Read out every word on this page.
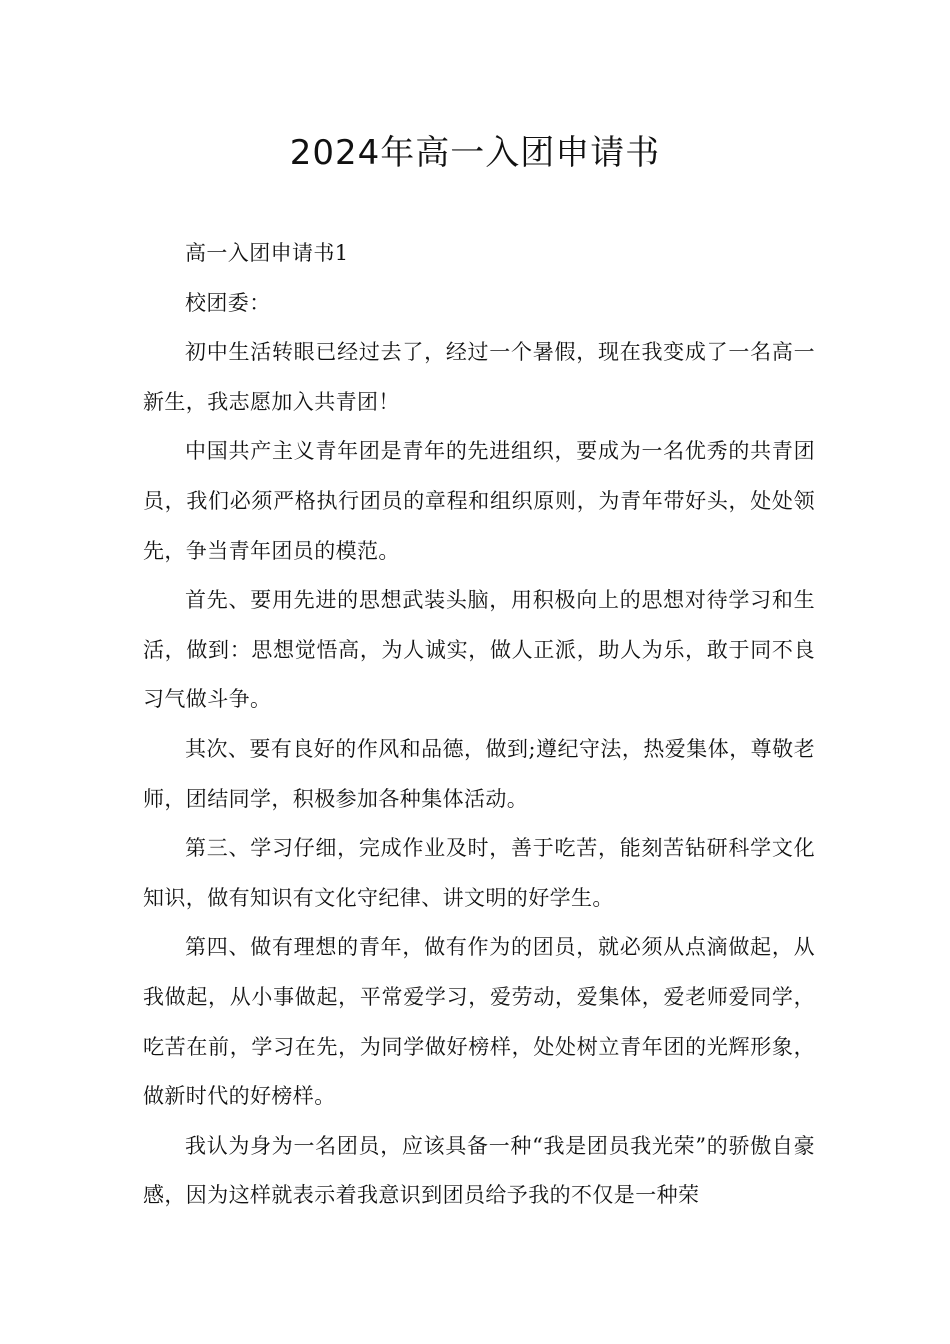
2024年高一入团申请书

高一入团申请书1

校团委：

初中生活转眼已经过去了，经过一个暑假，现在我变成了一名高一新生，我志愿加入共青团！

中国共产主义青年团是青年的先进组织，要成为一名优秀的共青团员，我们必须严格执行团员的章程和组织原则，为青年带好头，处处领先，争当青年团员的模范。

首先、要用先进的思想武装头脑，用积极向上的思想对待学习和生活，做到：思想觉悟高，为人诚实，做人正派，助人为乐，敢于同不良习气做斗争。

其次、要有良好的作风和品德，做到;遵纪守法，热爱集体，尊敬老师，团结同学，积极参加各种集体活动。

第三、学习仔细，完成作业及时，善于吃苦，能刻苦钻研科学文化知识，做有知识有文化守纪律、讲文明的好学生。

第四、做有理想的青年，做有作为的团员，就必须从点滴做起，从我做起，从小事做起，平常爱学习，爱劳动，爱集体，爱老师爱同学，吃苦在前，学习在先，为同学做好榜样，处处树立青年团的光辉形象，做新时代的好榜样。

我认为身为一名团员，应该具备一种“我是团员我光荣”的骄傲自豪感，因为这样就表示着我意识到团员给予我的不仅是一种荣
